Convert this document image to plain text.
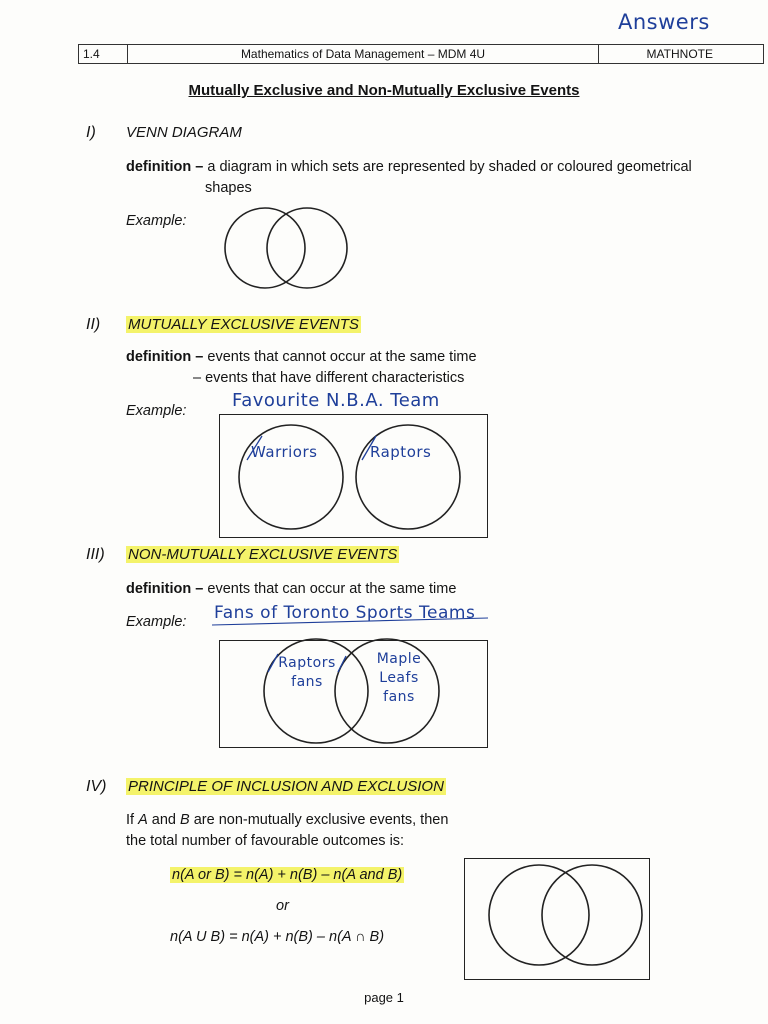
Answers
1.4	Mathematics of Data Management – MDM 4U	MATHNOTE
Mutually Exclusive and Non-Mutually Exclusive Events
I) VENN DIAGRAM
definition – a diagram in which sets are represented by shaded or coloured geometrical
shapes
Example:
II) MUTUALLY EXCLUSIVE EVENTS
definition – events that cannot occur at the same time
– events that have different characteristics
Example:	Favourite N.B.A. Team
Warriors	Raptors
III) NON-MUTUALLY EXCLUSIVE EVENTS
definition – events that can occur at the same time
Example: Fans of Toronto Sports Teams
Raptors
fans
Maple
Leafs
fans
IV) PRINCIPLE OF INCLUSION AND EXCLUSION
If A and B are non-mutually exclusive events, then
the total number of favourable outcomes is:
n(A or B) = n(A) + n(B) – n(A and B)
or
n(A U B) = n(A) + n(B) – n(A ∩ B)
page 1
